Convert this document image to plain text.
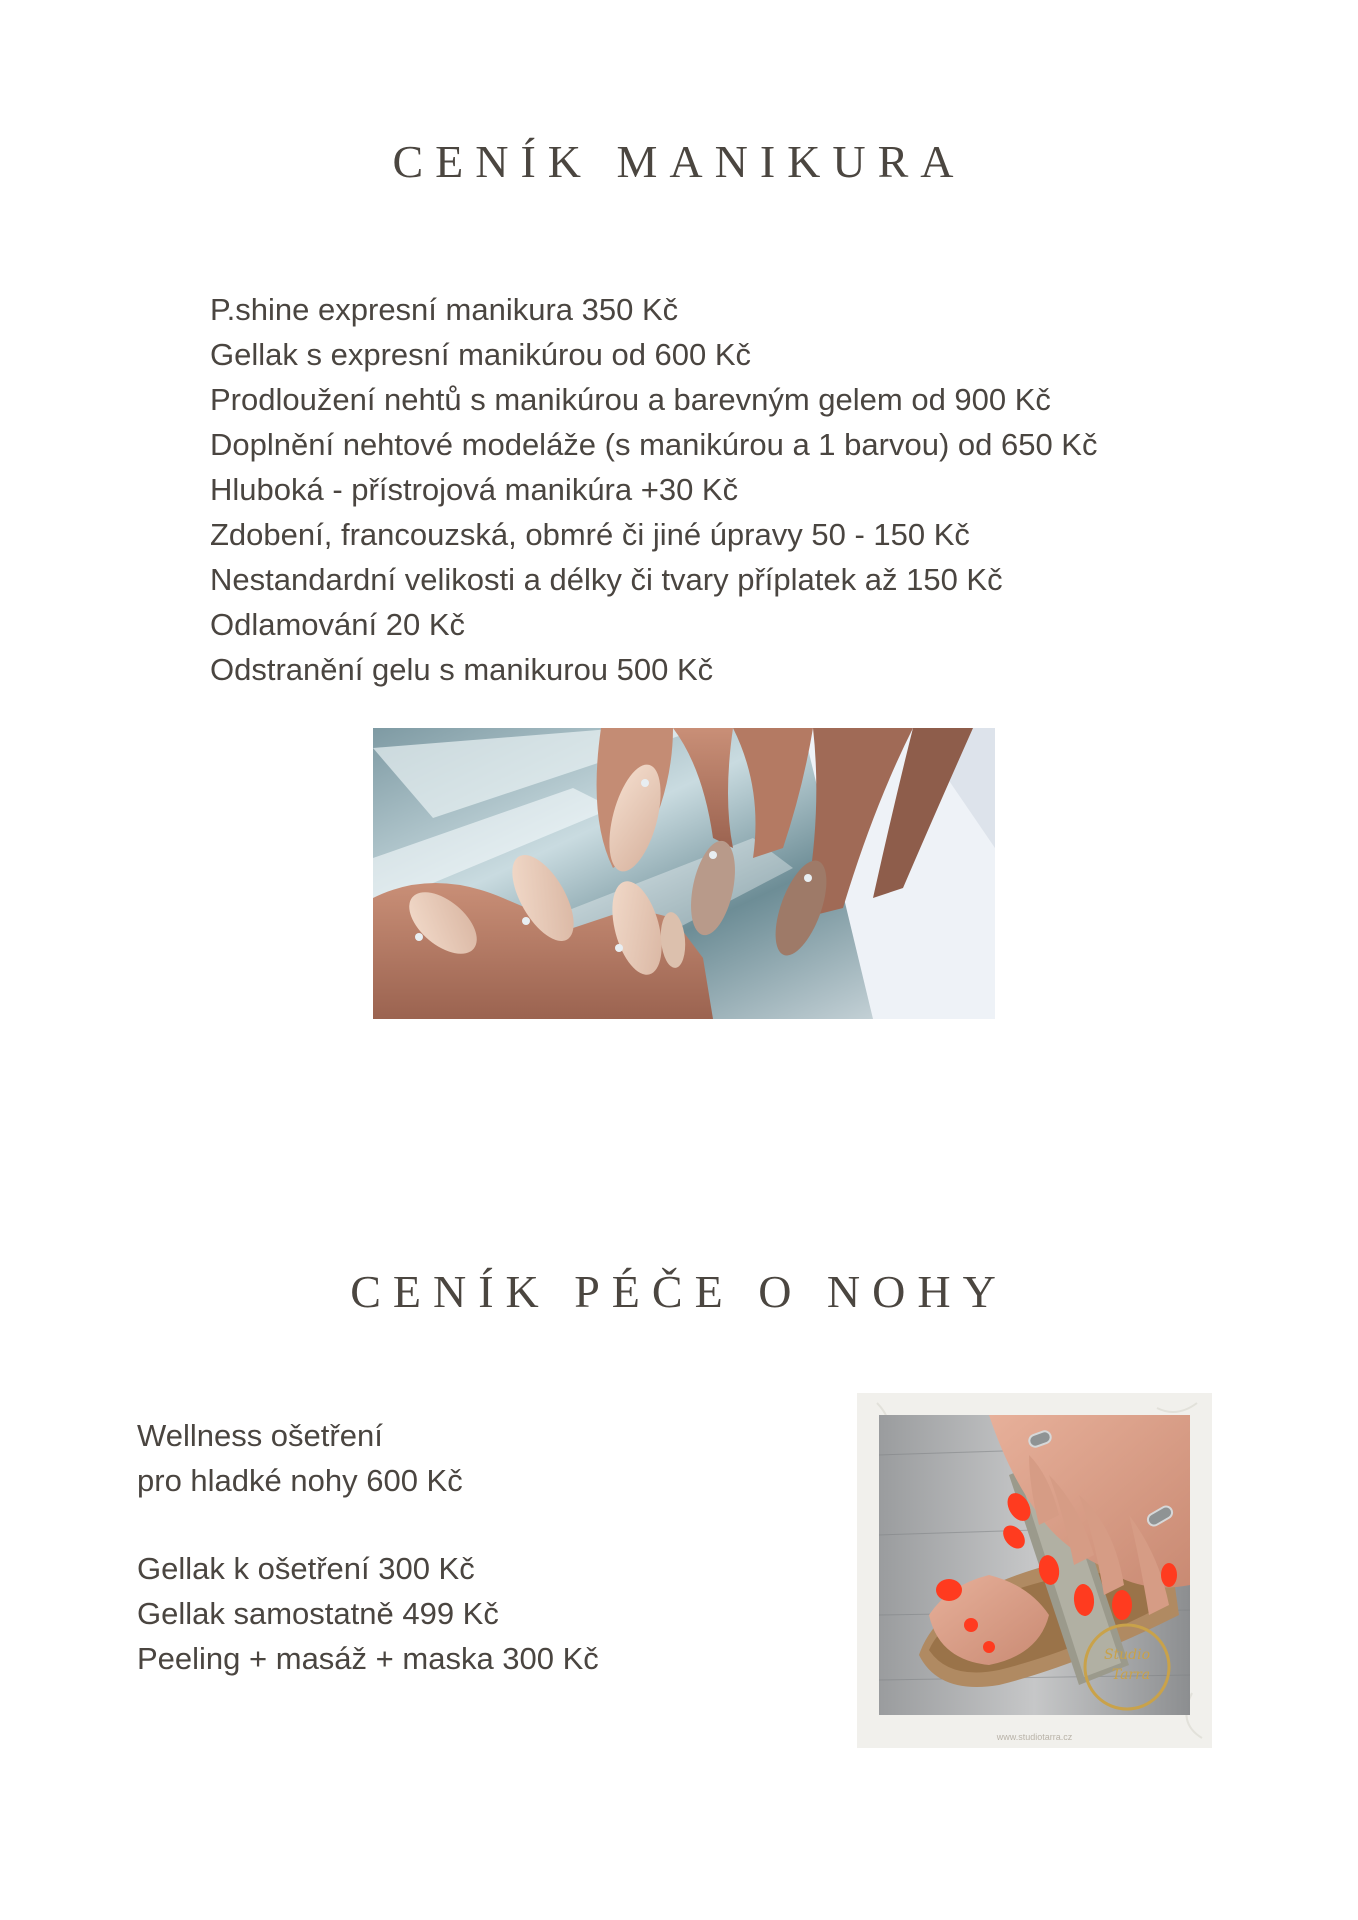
CENÍK MANIKURA
P.shine expresní manikura 350 Kč
Gellak s expresní manikúrou od 600 Kč
Prodloužení nehtů s manikúrou a barevným gelem od 900 Kč
Doplnění nehtové modeláže (s manikúrou a 1 barvou) od 650 Kč
Hluboká - přístrojová manikúra +30 Kč
Zdobení, francouzská, obmré či jiné úpravy 50 - 150 Kč
Nestandardní velikosti a délky či tvary příplatek až 150 Kč
Odlamování 20 Kč
Odstranění gelu s manikurou 500 Kč
CENÍK PÉČE O NOHY
Wellness ošetření
pro hladké nohy 600 Kč
Gellak k ošetření 300 Kč
Gellak samostatně 499 Kč
Peeling + masáž + maska 300 Kč	Studio
Tarra
www.studiotarra.cz
